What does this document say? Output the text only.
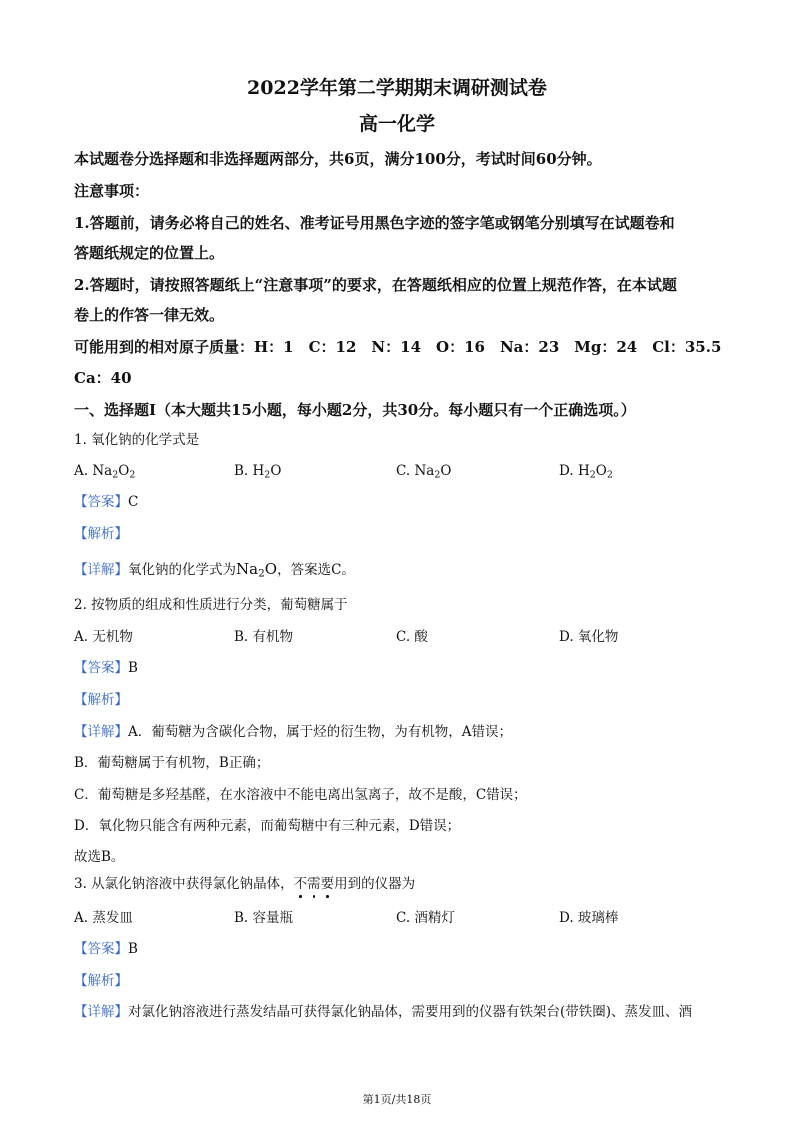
2022学年第二学期期末调研测试卷
高一化学
本试题卷分选择题和非选择题两部分，共6页，满分100分，考试时间60分钟。
注意事项：
1.答题前，请务必将自己的姓名、准考证号用黑色字迹的签字笔或钢笔分别填写在试题卷和
答题纸规定的位置上。
2.答题时，请按照答题纸上“注意事项”的要求，在答题纸相应的位置上规范作答，在本试题
卷上的作答一律无效。
可能用到的相对原子质量：H：1　C：12　N：14　O：16　Na：23　Mg：24　Cl：35.5
Ca：40
一、选择题I（本大题共15小题，每小题2分，共30分。每小题只有一个正确选项。）
1. 氧化钠的化学式是
A. $Na_2O_2$	B. $H_2O$	C. $Na_2O$	D. $H_2O_2$
【答案】C
【解析】
【详解】氧化钠的化学式为$Na_2O$，答案选C。
2. 按物质的组成和性质进行分类，葡萄糖属于
A. 无机物	B. 有机物	C. 酸	D. 氧化物
【答案】B
【解析】
【详解】A．葡萄糖为含碳化合物，属于烃的衍生物，为有机物，A错误；
B．葡萄糖属于有机物，B正确；
C．葡萄糖是多羟基醛，在水溶液中不能电离出氢离子，故不是酸，C错误；
D．氧化物只能含有两种元素，而葡萄糖中有三种元素，D错误；
故选B。
3. 从氯化钠溶液中获得氯化钠晶体，不需要用到的仪器为
A. 蒸发皿	B. 容量瓶	C. 酒精灯	D. 玻璃棒
【答案】B
【解析】
【详解】对氯化钠溶液进行蒸发结晶可获得氯化钠晶体，需要用到的仪器有铁架台(带铁圈)、蒸发皿、酒
第1页/共18页
